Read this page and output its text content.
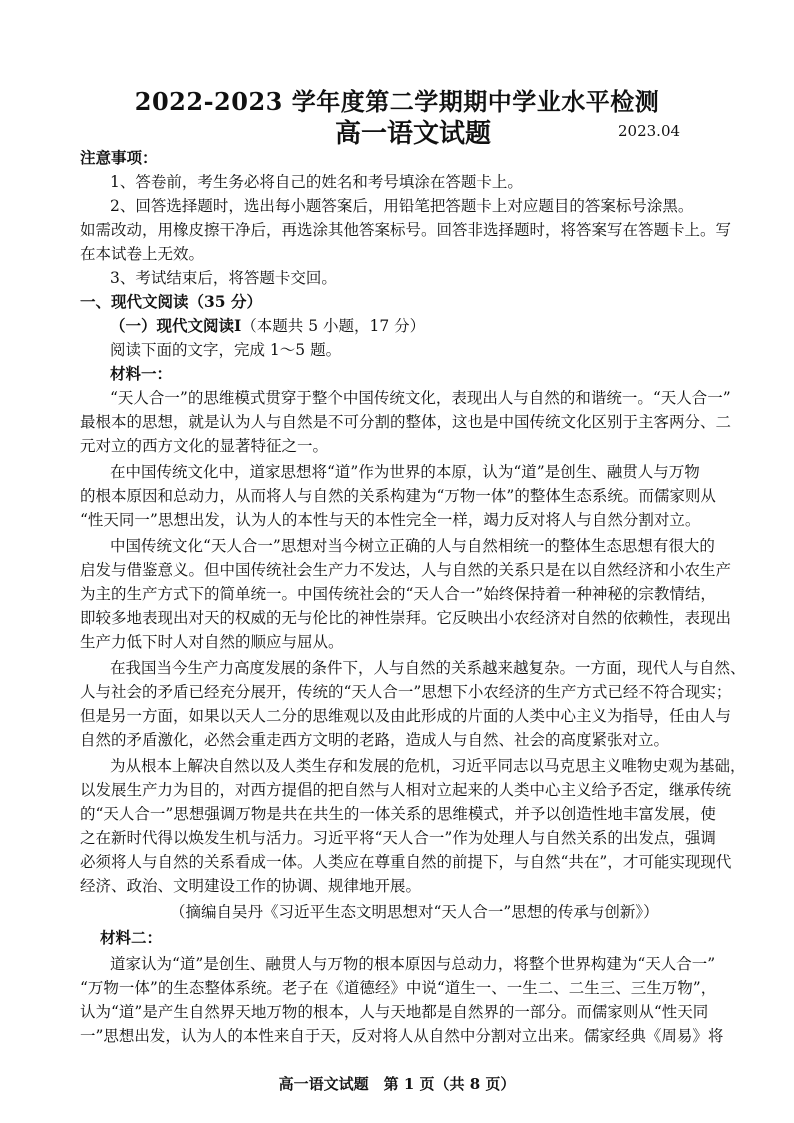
2022-2023 学年度第二学期期中学业水平检测
高一语文试题	2023.04
注意事项：
1、答卷前，考生务必将自己的姓名和考号填涂在答题卡上。
2、回答选择题时，选出每小题答案后，用铅笔把答题卡上对应题目的答案标号涂黑。
如需改动，用橡皮擦干净后，再选涂其他答案标号。回答非选择题时，将答案写在答题卡上。写
在本试卷上无效。
3、考试结束后，将答题卡交回。
一、现代文阅读（35 分）
（一）现代文阅读Ⅰ（本题共 5 小题，17 分）
阅读下面的文字，完成 1～5 题。
材料一：
“天人合一”的思维模式贯穿于整个中国传统文化，表现出人与自然的和谐统一。“天人合一”
最根本的思想，就是认为人与自然是不可分割的整体，这也是中国传统文化区别于主客两分、二
元对立的西方文化的显著特征之一。
在中国传统文化中，道家思想将“道”作为世界的本原，认为“道”是创生、融贯人与万物
的根本原因和总动力，从而将人与自然的关系构建为“万物一体”的整体生态系统。而儒家则从
“性天同一”思想出发，认为人的本性与天的本性完全一样，竭力反对将人与自然分割对立。
中国传统文化“天人合一”思想对当今树立正确的人与自然相统一的整体生态思想有很大的
启发与借鉴意义。但中国传统社会生产力不发达，人与自然的关系只是在以自然经济和小农生产
为主的生产方式下的简单统一。中国传统社会的“天人合一”始终保持着一种神秘的宗教情结，
即较多地表现出对天的权威的无与伦比的神性崇拜。它反映出小农经济对自然的依赖性，表现出
生产力低下时人对自然的顺应与屈从。
在我国当今生产力高度发展的条件下，人与自然的关系越来越复杂。一方面，现代人与自然、
人与社会的矛盾已经充分展开，传统的“天人合一”思想下小农经济的生产方式已经不符合现实；
但是另一方面，如果以天人二分的思维观以及由此形成的片面的人类中心主义为指导，任由人与
自然的矛盾激化，必然会重走西方文明的老路，造成人与自然、社会的高度紧张对立。
为从根本上解决自然以及人类生存和发展的危机，习近平同志以马克思主义唯物史观为基础，
以发展生产力为目的，对西方提倡的把自然与人相对立起来的人类中心主义给予否定，继承传统
的“天人合一”思想强调万物是共在共生的一体关系的思维模式，并予以创造性地丰富发展，使
之在新时代得以焕发生机与活力。习近平将“天人合一”作为处理人与自然关系的出发点，强调
必须将人与自然的关系看成一体。人类应在尊重自然的前提下，与自然“共在”，才可能实现现代
经济、政治、文明建设工作的协调、规律地开展。
（摘编自吴丹《习近平生态文明思想对“天人合一”思想的传承与创新》）
材料二：
道家认为“道”是创生、融贯人与万物的根本原因与总动力，将整个世界构建为“天人合一”
“万物一体”的生态整体系统。老子在《道德经》中说“道生一、一生二、二生三、三生万物”，
认为“道”是产生自然界天地万物的根本，人与天地都是自然界的一部分。而儒家则从“性天同
一”思想出发，认为人的本性来自于天，反对将人从自然中分割对立出来。儒家经典《周易》将
高一语文试题　第 1 页（共 8 页）
